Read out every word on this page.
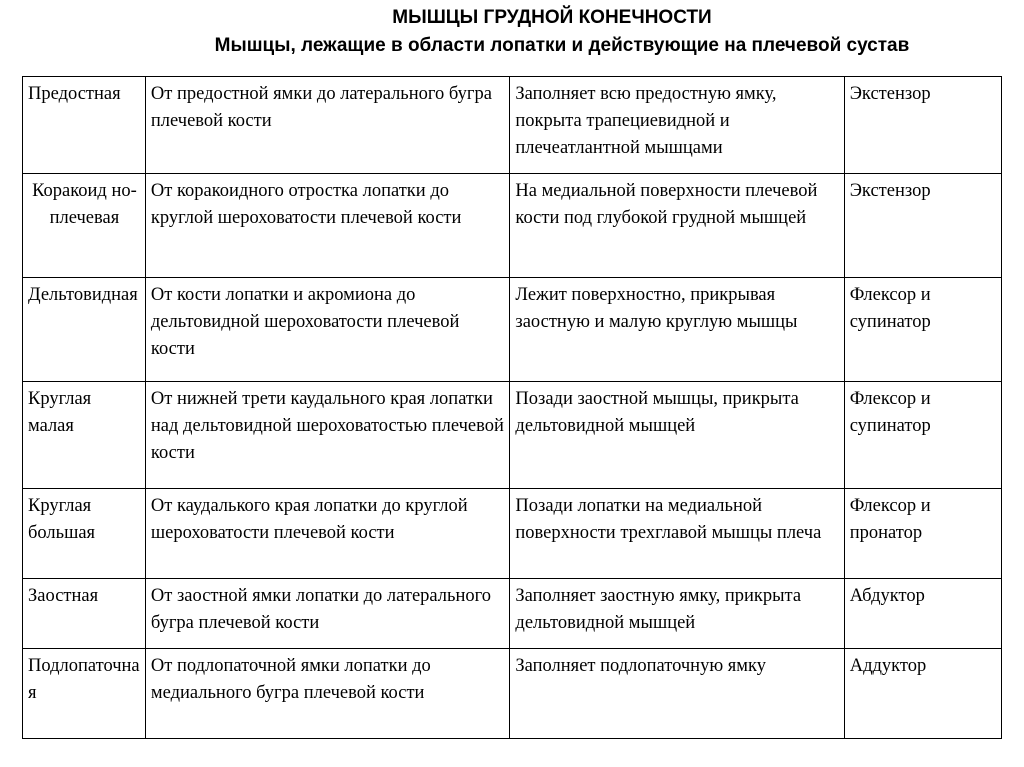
МЫШЦЫ ГРУДНОЙ КОНЕЧНОСТИ
Мышцы, лежащие в области лопатки и действующие на плечевой сустав
Предостная	От предостной ямки до латерального бугра плечевой кости	Заполняет всю предостную ямку, покрыта трапециевидной и плечеатлантной мышцами	Экстензор
Коракоид но-плечевая	От коракоидного отростка лопатки до круглой шероховатости плечевой кости	На медиальной поверхности плечевой кости под глубокой грудной мышцей	Экстензор
Дельтовидная	От кости лопатки и акромиона до дельтовидной шероховатости плечевой кости	Лежит поверхностно, прикрывая заостную и малую круглую мышцы	Флексор и супинатор
Круглая малая	От нижней трети каудального края лопатки над дельтовидной шероховатостью плечевой кости	Позади заостной мышцы, прикрыта дельтовидной мышцей	Флексор и супинатор
Круглая большая	От каудалького края лопатки до круглой шероховатости плечевой кости	Позади лопатки на медиальной поверхности трехглавой мышцы плеча	Флексор и пронатор
Заостная	От заостной ямки лопатки до латерального бугра плечевой кости	Заполняет заостную ямку, прикрыта дельтовидной мышцей	Абдуктор
Подлопаточная	От подлопаточной ямки лопатки до медиального бугра плечевой кости	Заполняет подлопаточную ямку	Аддуктор
